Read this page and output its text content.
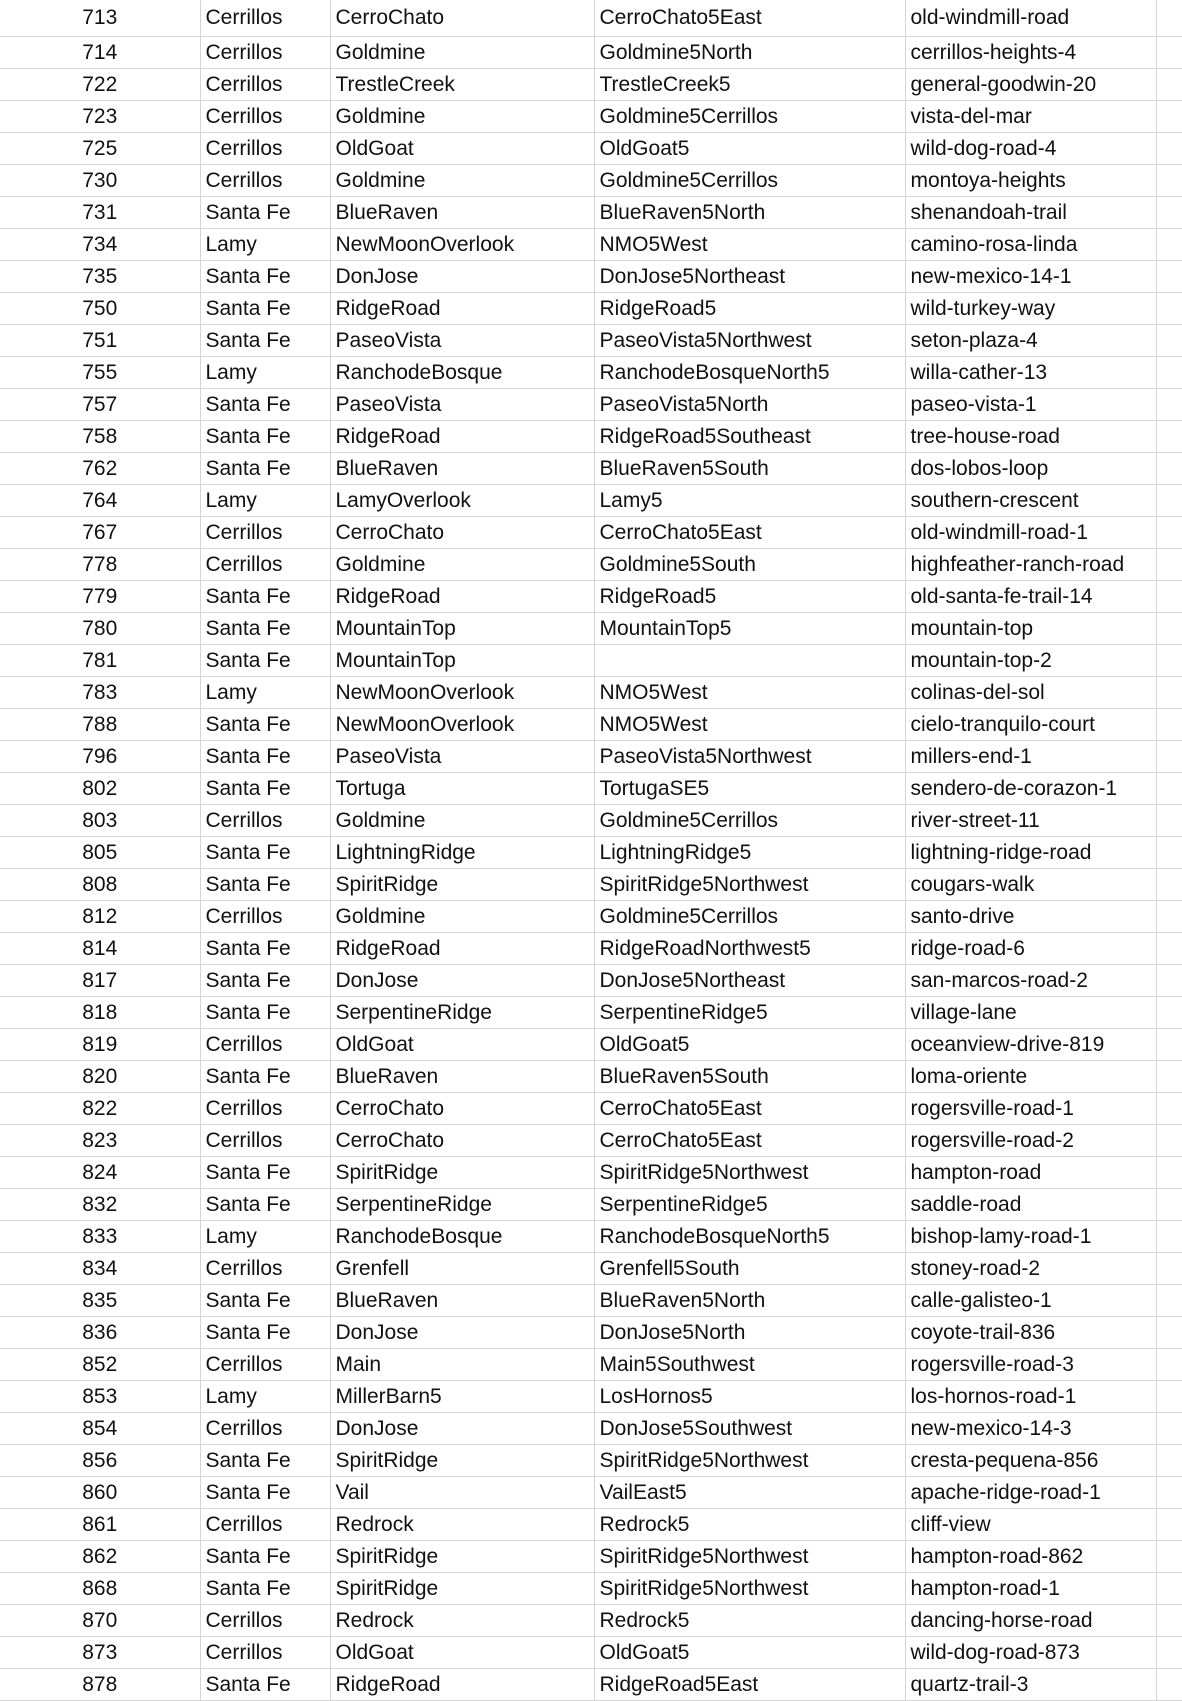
713	Cerrillos	CerroChato	CerroChato5East	old-windmill-road	
714	Cerrillos	Goldmine	Goldmine5North	cerrillos-heights-4	
722	Cerrillos	TrestleCreek	TrestleCreek5	general-goodwin-20	
723	Cerrillos	Goldmine	Goldmine5Cerrillos	vista-del-mar	
725	Cerrillos	OldGoat	OldGoat5	wild-dog-road-4	
730	Cerrillos	Goldmine	Goldmine5Cerrillos	montoya-heights	
731	Santa Fe	BlueRaven	BlueRaven5North	shenandoah-trail	
734	Lamy	NewMoonOverlook	NMO5West	camino-rosa-linda	
735	Santa Fe	DonJose	DonJose5Northeast	new-mexico-14-1	
750	Santa Fe	RidgeRoad	RidgeRoad5	wild-turkey-way	
751	Santa Fe	PaseoVista	PaseoVista5Northwest	seton-plaza-4	
755	Lamy	RanchodeBosque	RanchodeBosqueNorth5	willa-cather-13	
757	Santa Fe	PaseoVista	PaseoVista5North	paseo-vista-1	
758	Santa Fe	RidgeRoad	RidgeRoad5Southeast	tree-house-road	
762	Santa Fe	BlueRaven	BlueRaven5South	dos-lobos-loop	
764	Lamy	LamyOverlook	Lamy5	southern-crescent	
767	Cerrillos	CerroChato	CerroChato5East	old-windmill-road-1	
778	Cerrillos	Goldmine	Goldmine5South	highfeather-ranch-road	
779	Santa Fe	RidgeRoad	RidgeRoad5	old-santa-fe-trail-14	
780	Santa Fe	MountainTop	MountainTop5	mountain-top	
781	Santa Fe	MountainTop		mountain-top-2	
783	Lamy	NewMoonOverlook	NMO5West	colinas-del-sol	
788	Santa Fe	NewMoonOverlook	NMO5West	cielo-tranquilo-court	
796	Santa Fe	PaseoVista	PaseoVista5Northwest	millers-end-1	
802	Santa Fe	Tortuga	TortugaSE5	sendero-de-corazon-1	
803	Cerrillos	Goldmine	Goldmine5Cerrillos	river-street-11	
805	Santa Fe	LightningRidge	LightningRidge5	lightning-ridge-road	
808	Santa Fe	SpiritRidge	SpiritRidge5Northwest	cougars-walk	
812	Cerrillos	Goldmine	Goldmine5Cerrillos	santo-drive	
814	Santa Fe	RidgeRoad	RidgeRoadNorthwest5	ridge-road-6	
817	Santa Fe	DonJose	DonJose5Northeast	san-marcos-road-2	
818	Santa Fe	SerpentineRidge	SerpentineRidge5	village-lane	
819	Cerrillos	OldGoat	OldGoat5	oceanview-drive-819	
820	Santa Fe	BlueRaven	BlueRaven5South	loma-oriente	
822	Cerrillos	CerroChato	CerroChato5East	rogersville-road-1	
823	Cerrillos	CerroChato	CerroChato5East	rogersville-road-2	
824	Santa Fe	SpiritRidge	SpiritRidge5Northwest	hampton-road	
832	Santa Fe	SerpentineRidge	SerpentineRidge5	saddle-road	
833	Lamy	RanchodeBosque	RanchodeBosqueNorth5	bishop-lamy-road-1	
834	Cerrillos	Grenfell	Grenfell5South	stoney-road-2	
835	Santa Fe	BlueRaven	BlueRaven5North	calle-galisteo-1	
836	Santa Fe	DonJose	DonJose5North	coyote-trail-836	
852	Cerrillos	Main	Main5Southwest	rogersville-road-3	
853	Lamy	MillerBarn5	LosHornos5	los-hornos-road-1	
854	Cerrillos	DonJose	DonJose5Southwest	new-mexico-14-3	
856	Santa Fe	SpiritRidge	SpiritRidge5Northwest	cresta-pequena-856	
860	Santa Fe	Vail	VailEast5	apache-ridge-road-1	
861	Cerrillos	Redrock	Redrock5	cliff-view	
862	Santa Fe	SpiritRidge	SpiritRidge5Northwest	hampton-road-862	
868	Santa Fe	SpiritRidge	SpiritRidge5Northwest	hampton-road-1	
870	Cerrillos	Redrock	Redrock5	dancing-horse-road	
873	Cerrillos	OldGoat	OldGoat5	wild-dog-road-873	
878	Santa Fe	RidgeRoad	RidgeRoad5East	quartz-trail-3	
